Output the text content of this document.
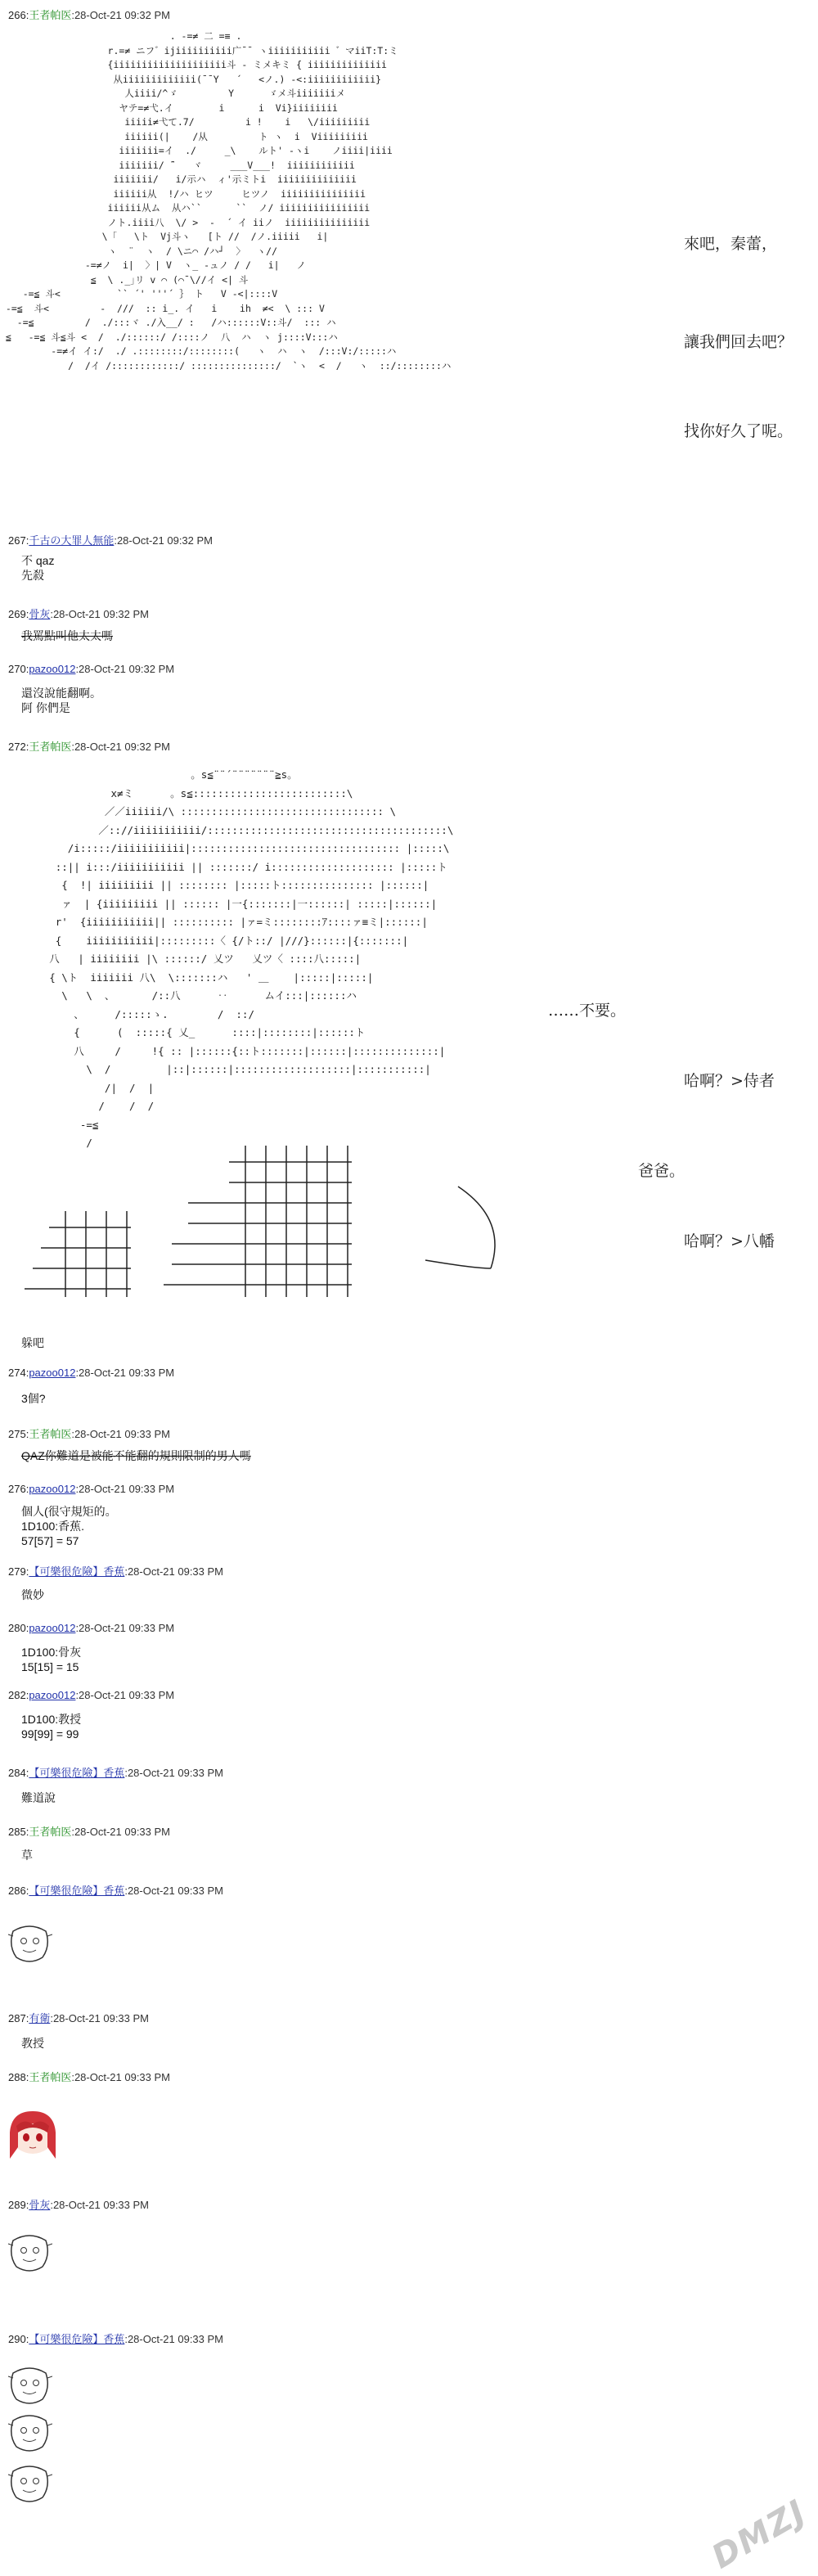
266:王者帕医:28-Oct-21 09:32 PM
. -=≠ 二 =≡ .
r.=≠ ニフ゛ijiiiiiiiiii广¯¯ ヽiiiiiiiiiii ゛マiiT:T:ミ
{iiiiiiiiiiiiiiiiiiii斗 ‐ ミメキミ { iiiiiiiiiiiiii
从iiiiiiiiiiiii(¯¯Y   ´   <ノ.) ‐<:iiiiiiiiiiii}
人iiii/^ゞ         Y      ゞメ斗iiiiiiiメ
ヤテ=≠弋.イ        i      i  Vi}iiiiiiii
iiiii≠弋て.7/         i !    i   \/iiiiiiiii
iiiiii(|    /从         ト ヽ  i  Viiiiiiiii
iiiiiii=イ  ./     _\    ルト' ‐ヽi    ノiiii|iiii
iiiiiii/ ̄¨   ヾ     ___V___!  iiiiiiiiiiii
iiiiiii/   i/示ハ  ィ'示ミトi  iiiiiiiiiiiiii
iiiiii从  !/ハ ヒツ     ヒツノ  iiiiiiiiiiiiiii
iiiiii从ム  从ハ``      ``  ノ/ iiiiiiiiiiiiiiii
ノト.iiii八  \/ >  ‐  ´ イ iiノ  iiiiiiiiiiiiiii
\「   \ト  Vj斗ヽ   [ト //  /ノ.iiiii   i|
ヽ  ¨  ヽ  / \ニ⌒ /ハ┘  〉  ヽ//
-=≠ノ  i|  〉| V  ヽ_ -ュノ / /   i|   ノ
≦  \ ._｣リ v ⌒ (⌒¯\//イ <| 斗
‐=≦ 斗<          `` ´' '''´ ｝ ト   V ‐<|::::V
‐=≦  斗<         ‐  ///  :: i_. イ   i    ih  ≠<  \ ::: V
‐=≦         /  ./:::ヾ ./入__/ :   /ハ::::::V::斗/  ::: ハ
≦   ‐=≦ 斗≦斗 <  /  ./::::::/ /::::ノ  八  ハ  ヽ j::::V:::ハ
‐=≠イ イ:/  ./ .::::::::/::::::::(   ヽ  ハ  ヽ  /:::V:/:::::ハ
/  /イ /::::::::::::/ :::::::::::::::/  `ヽ  <  /   ヽ  ::/::::::::ハ
來吧，秦蕾，
讓我們回去吧？
找你好久了呢。
267:千古の大罪人無能:28-Oct-21 09:32 PM
不 qaz
先殺
269:骨灰:28-Oct-21 09:32 PM
我罵點叫他太太嗎
270:pazoo012:28-Oct-21 09:32 PM
還沒說能翻啊。
阿 你們是
272:王者帕医:28-Oct-21 09:32 PM
。s≦¨¨´¨¨¨¨¨¨¨≧s。
x≠ミ      。s≦:::::::::::::::::::::::::\
／／iiiiii/\ ::::::::::::::::::::::::::::::::: \
／:://iiiiiiiiiii/:::::::::::::::::::::::::::::::::::::::\
/i:::::/iiiiiiiiiii|:::::::::::::::::::::::::::::::::: |:::::\
::|| i:::/iiiiiiiiiii || :::::::/ i:::::::::::::::::::: |:::::ト
{  !| iiiiiiiii || :::::::: |:::::ト::::::::::::::: |::::::|
ァ  | {iiiiiiiii || :::::: |一{:::::::|一::::::| :::::|::::::|
r'  {iiiiiiiiiii|| :::::::::: |ァ=ミ::::::::ｱ::::ァ≡ミ|::::::|
{    iiiiiiiiiii|:::::::::〈 {/ト::/ |///}::::::|{:::::::|
八   | iiiiiiii |\ ::::::/ 乂ツ   乂ツ〈 ::::八:::::|
{ \ト  iiiiiii 八\  \:::::::ハ   ' ＿    |:::::|:::::|
\   \  、      /::八      ‥      ムイ:::|::::::ハ
、     /:::::ゝ.        /  ::/
{      (  :::::{ 乂_      ::::|::::::::|::::::ト
八     /     !{ :: |::::::{::ト:::::::|::::::|::::::::::::::|
\  /         |::|::::::|:::::::::::::::::::|:::::::::::|
/|  /  |
/    /  /
‐=≦
/
……不要。
哈啊？>侍者
爸爸。
哈啊？>八幡
躲吧
274:pazoo012:28-Oct-21 09:33 PM
3個?
275:王者帕医:28-Oct-21 09:33 PM
QAZ你難道是被能不能翻的規則限制的男人嗎
276:pazoo012:28-Oct-21 09:33 PM
個人(很守規矩的。
1D100:香蕉.
57[57] = 57
279:【可樂很危險】香蕉:28-Oct-21 09:33 PM
微妙
280:pazoo012:28-Oct-21 09:33 PM
1D100:骨灰
15[15] = 15
282:pazoo012:28-Oct-21 09:33 PM
1D100:教授
99[99] = 99
284:【可樂很危險】香蕉:28-Oct-21 09:33 PM
難道說
285:王者帕医:28-Oct-21 09:33 PM
草
286:【可樂很危險】香蕉:28-Oct-21 09:33 PM
287:有衛:28-Oct-21 09:33 PM
教授
288:王者帕医:28-Oct-21 09:33 PM
289:骨灰:28-Oct-21 09:33 PM
290:【可樂很危險】香蕉:28-Oct-21 09:33 PM
DMZJ
